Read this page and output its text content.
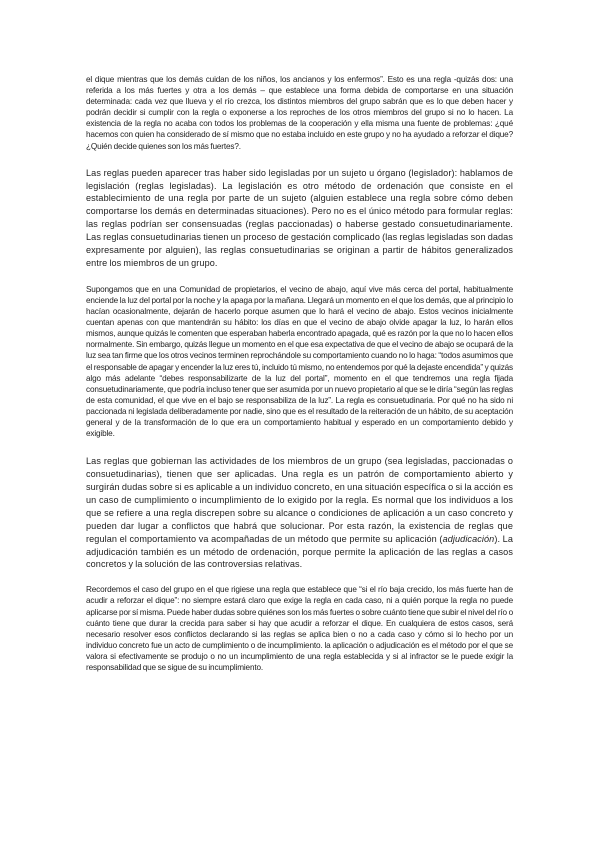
el dique mientras que los demás cuidan de los niños, los ancianos y los enfermos”. Esto es una regla -quizás dos: una referida a los más fuertes y otra a los demás – que establece una forma debida de comportarse en una situación determinada: cada vez que llueva y el río crezca, los distintos miembros del grupo sabrán que es lo que deben hacer y podrán decidir si cumplir con la regla o exponerse a los reproches de los otros miembros del grupo si no lo hacen. La existencia de la regla no acaba con todos los problemas de la cooperación y ella misma una fuente de problemas: ¿qué hacemos con quien ha considerado de sí mismo que no estaba incluido en este grupo y no ha ayudado a reforzar el dique? ¿Quién decide quienes son los más fuertes?.

Las reglas pueden aparecer tras haber sido legisladas por un sujeto u órgano (legislador): hablamos de legislación (reglas legisladas). La legislación es otro método de ordenación que consiste en el establecimiento de una regla por parte de un sujeto (alguien establece una regla sobre cómo deben comportarse los demás en determinadas situaciones). Pero no es el único método para formular reglas: las reglas podrían ser consensuadas (reglas paccionadas) o haberse gestado consuetudinariamente. Las reglas consuetudinarias tienen un proceso de gestación complicado (las reglas legisladas son dadas expresamente por alguien), las reglas consuetudinarias se originan a partir de hábitos generalizados entre los miembros de un grupo.

Supongamos que en una Comunidad de propietarios, el vecino de abajo, aquí vive más cerca del portal, habitualmente enciende la luz del portal por la noche y la apaga por la mañana. Llegará un momento en el que los demás, que al principio lo hacían ocasionalmente, dejarán de hacerlo porque asumen que lo hará el vecino de abajo. Estos vecinos inicialmente cuentan apenas con que mantendrán su hábito: los días en que el vecino de abajo olvide apagar la luz, lo harán ellos mismos, aunque quizás le comenten que esperaban haberla encontrado apagada, qué es razón por la que no lo hacen ellos normalmente. Sin embargo, quizás llegue un momento en el que esa expectativa de que el vecino de abajo se ocupará de la luz sea tan firme que los otros vecinos terminen reprochándole su comportamiento cuando no lo haga: “todos asumimos que el responsable de apagar y encender la luz eres tú, incluido tú mismo, no entendemos por qué la dejaste encendida” y quizás algo más adelante “debes responsabilizarte de la luz del portal”, momento en el que tendremos una regla fijada consuetudinariamente, que podría incluso tener que ser asumida por un nuevo propietario al que se le diría “según las reglas de esta comunidad, el que vive en el bajo se responsabiliza de la luz”. La regla es consuetudinaria. Por qué no ha sido ni paccionada ni legislada deliberadamente por nadie, sino que es el resultado de la reiteración de un hábito, de su aceptación general y de la transformación de lo que era un comportamiento habitual y esperado en un comportamiento debido y exigible.

Las reglas que gobiernan las actividades de los miembros de un grupo (sea legisladas, paccionadas o consuetudinarias), tienen que ser aplicadas. Una regla es un patrón de comportamiento abierto y surgirán dudas sobre si es aplicable a un individuo concreto, en una situación específica o si la acción es un caso de cumplimiento o incumplimiento de lo exigido por la regla. Es normal que los individuos a los que se refiere a una regla discrepen sobre su alcance o condiciones de aplicación a un caso concreto y pueden dar lugar a conflictos que habrá que solucionar. Por esta razón, la existencia de reglas que regulan el comportamiento va acompañadas de un método que permite su aplicación (adjudicación). La adjudicación también es un método de ordenación, porque permite la aplicación de las reglas a casos concretos y la solución de las controversias relativas.

Recordemos el caso del grupo en el que rigiese una regla que establece que “si el río baja crecido, los más fuerte han de acudir a reforzar el dique”: no siempre estará claro que exige la regla en cada caso, ni a quién porque la regla no puede aplicarse por sí misma. Puede haber dudas sobre quiénes son los más fuertes o sobre cuánto tiene que subir el nivel del río o cuánto tiene que durar la crecida para saber si hay que acudir a reforzar el dique. En cualquiera de estos casos, será necesario resolver esos conflictos declarando si las reglas se aplica bien o no a cada caso y cómo si lo hecho por un individuo concreto fue un acto de cumplimiento o de incumplimiento. la aplicación o adjudicación es el método por el que se valora si efectivamente se produjo o no un incumplimiento de una regla establecida y si al infractor se le puede exigir la responsabilidad que se sigue de su incumplimiento.
